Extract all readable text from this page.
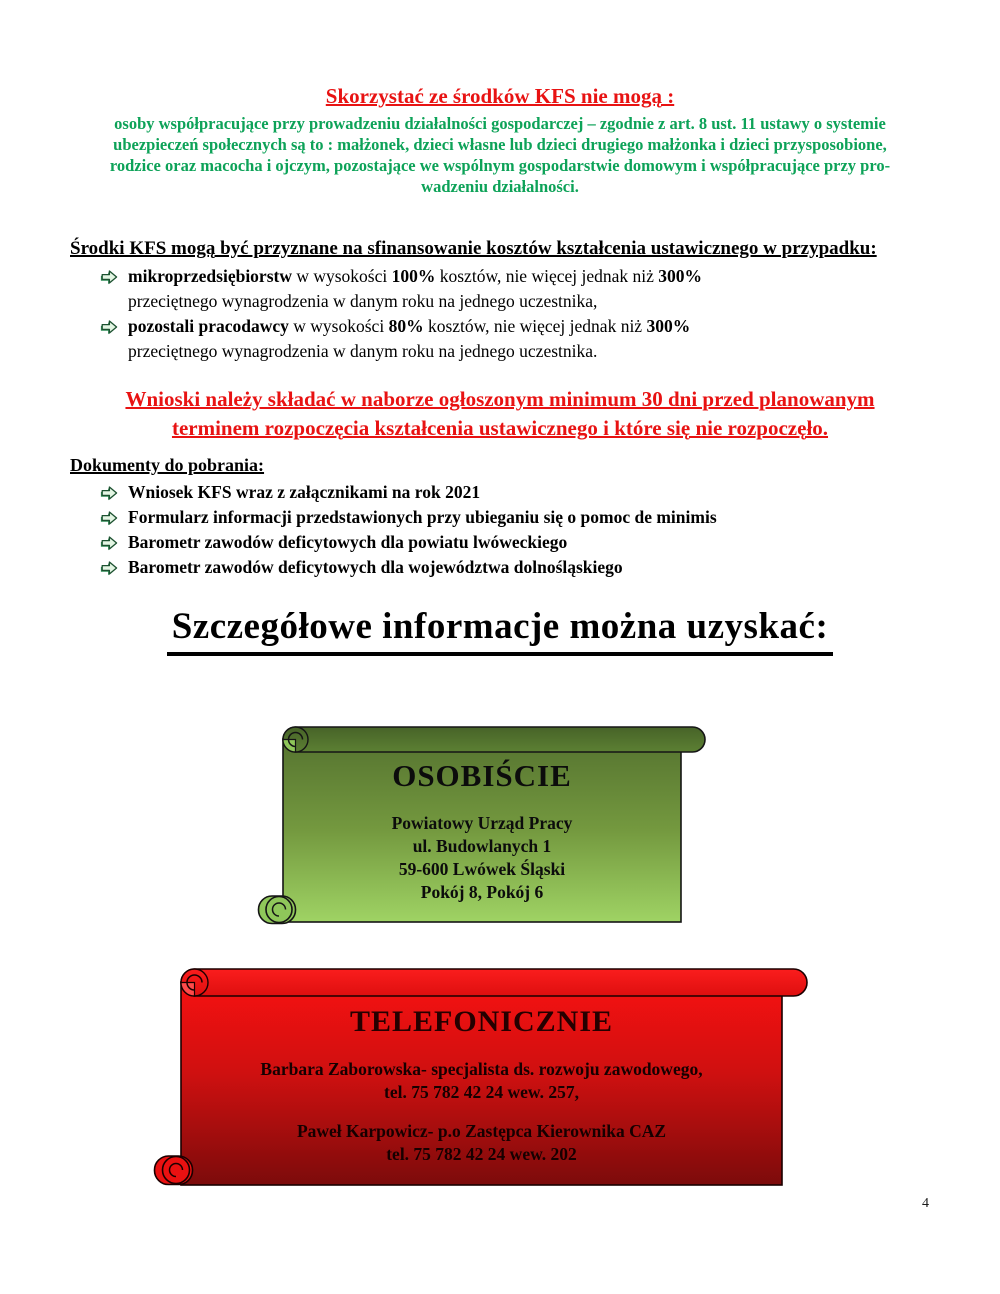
Skorzystać ze środków KFS nie mogą :
osoby współpracujące przy prowadzeniu działalności gospodarczej – zgodnie z art. 8 ust. 11 ustawy o systemie
ubezpieczeń społecznych są to : małżonek, dzieci własne lub dzieci drugiego małżonka i dzieci przysposobione,
rodzice oraz macocha i ojczym, pozostające we wspólnym gospodarstwie domowym i współpracujące przy pro-
wadzeniu działalności.
Środki KFS mogą być przyznane na sfinansowanie kosztów kształcenia ustawicznego w przypadku:
mikroprzedsiębiorstw w wysokości 100% kosztów, nie więcej jednak niż 300%
przeciętnego wynagrodzenia w danym roku na jednego uczestnika,
pozostali pracodawcy w wysokości 80% kosztów, nie więcej jednak niż 300%
przeciętnego wynagrodzenia w danym roku na jednego uczestnika.
Wnioski należy składać w naborze ogłoszonym minimum 30 dni przed planowanym
terminem rozpoczęcia kształcenia ustawicznego i które się nie rozpoczęło.
Dokumenty do pobrania:
Wniosek KFS wraz z załącznikami na rok 2021
Formularz informacji przedstawionych przy ubieganiu się o pomoc de minimis
Barometr zawodów deficytowych dla powiatu lwóweckiego
Barometr zawodów deficytowych dla województwa dolnośląskiego
Szczegółowe informacje można uzyskać:
OSOBIŚCIE
Powiatowy Urząd Pracy
ul. Budowlanych 1
59-600 Lwówek Śląski
Pokój 8, Pokój 6
TELEFONICZNIE
Barbara Zaborowska- specjalista ds. rozwoju zawodowego,
tel. 75 782 42 24 wew. 257,
Paweł Karpowicz- p.o Zastępca Kierownika CAZ
tel. 75 782 42 24 wew. 202
4
